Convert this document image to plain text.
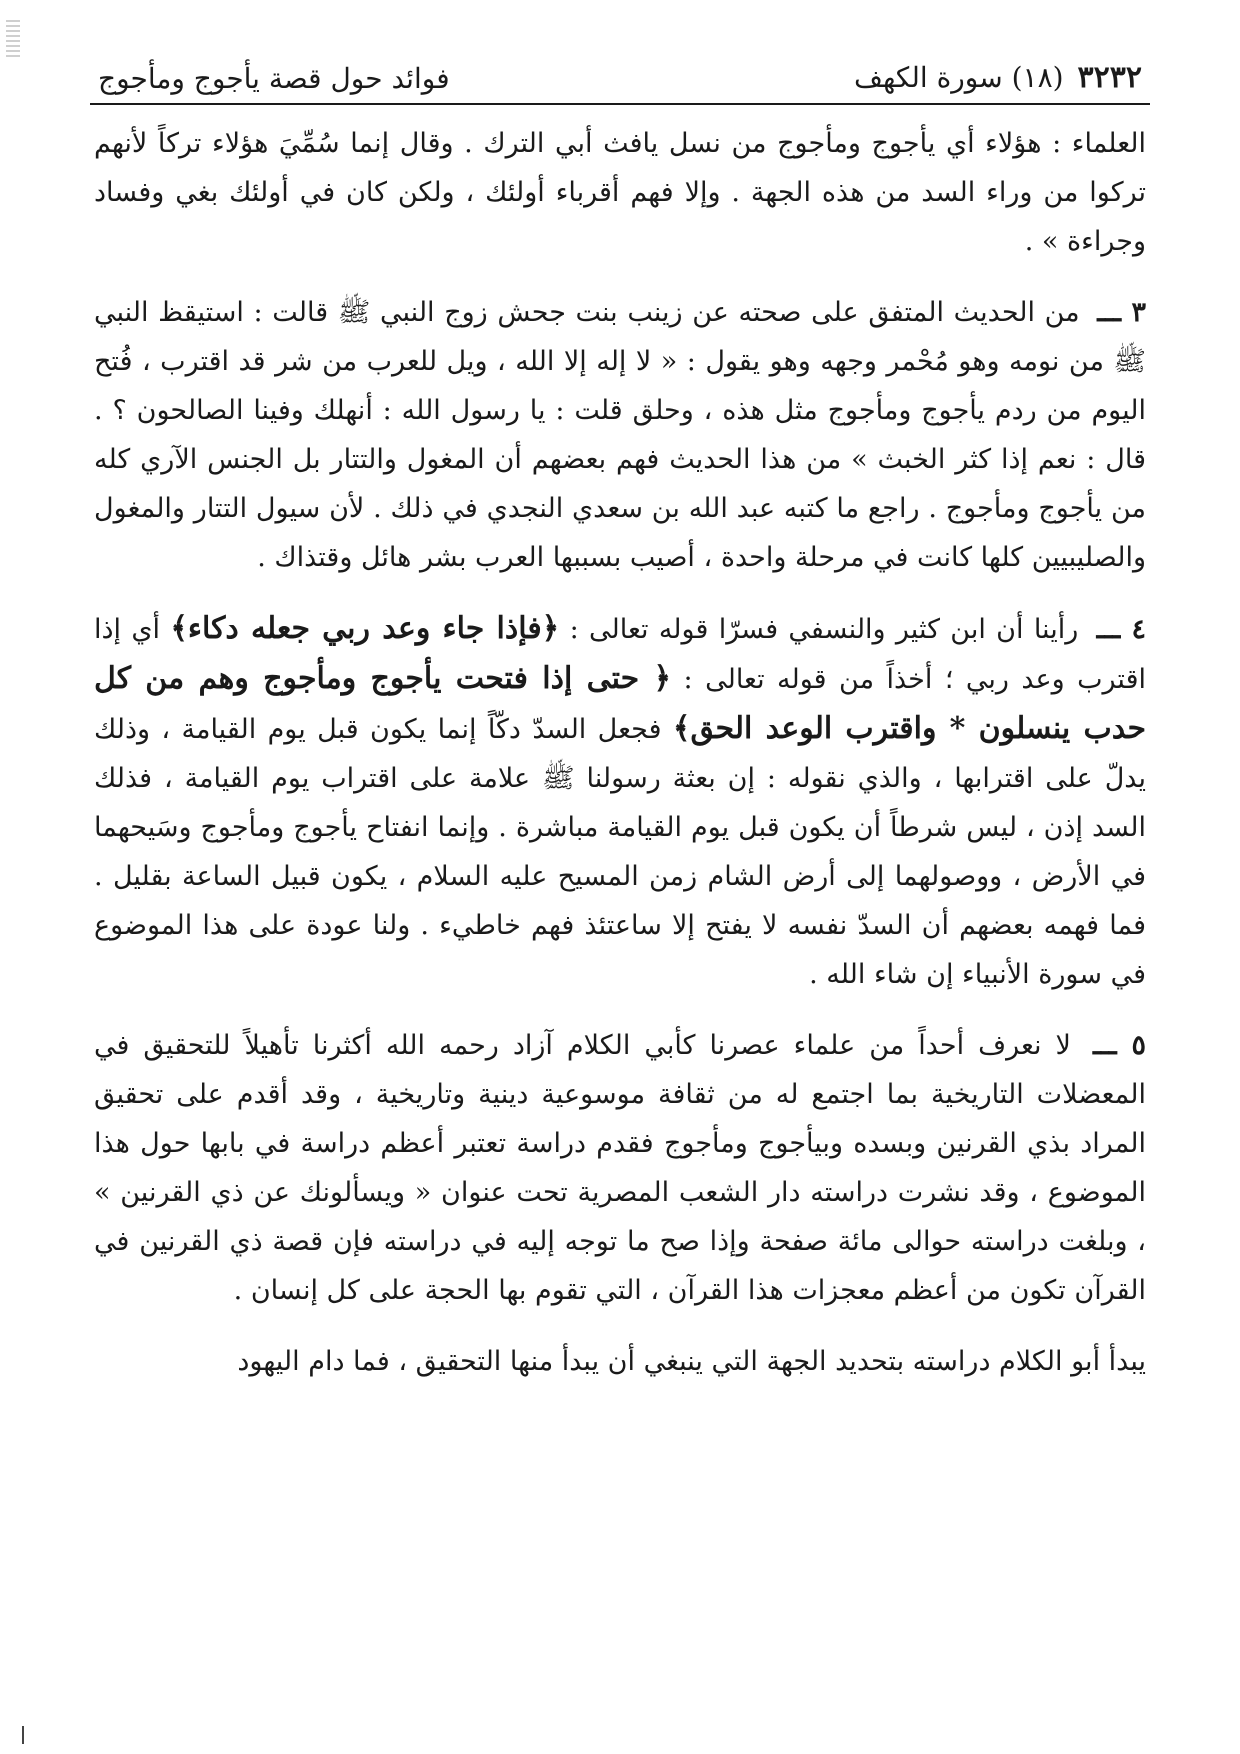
٣٢٣٢
(١٨) سورة الكهف
فوائد حول قصة يأجوج ومأجوج

العلماء : هؤلاء أي يأجوج ومأجوج من نسل يافث أبي الترك . وقال إنما سُمِّيَ هؤلاء تركاً لأنهم تركوا من وراء السد من هذه الجهة . وإلا فهم أقرباء أولئك ، ولكن كان في أولئك بغي وفساد وجراءة » .

٣ ـــ من الحديث المتفق على صحته عن زينب بنت جحش زوج النبي ﷺ قالت : استيقظ النبي ﷺ من نومه وهو مُحْمر وجهه وهو يقول : « لا إله إلا الله ، ويل للعرب من شر قد اقترب ، فُتح اليوم من ردم يأجوج ومأجوج مثل هذه ، وحلق قلت : يا رسول الله : أنهلك وفينا الصالحون ؟ . قال : نعم إذا كثر الخبث » من هذا الحديث فهم بعضهم أن المغول والتتار بل الجنس الآري كله من يأجوج ومأجوج . راجع ما كتبه عبد الله بن سعدي النجدي في ذلك . لأن سيول التتار والمغول والصليبيين كلها كانت في مرحلة واحدة ، أصيب بسببها العرب بشر هائل وقتذاك .

٤ ـــ رأينا أن ابن كثير والنسفي فسرّا قوله تعالى : ﴿فإذا جاء وعد ربي جعله دكاء﴾ أي إذا اقترب وعد ربي ؛ أخذاً من قوله تعالى : ﴿ حتى إذا فتحت يأجوج ومأجوج وهم من كل حدب ينسلون * واقترب الوعد الحق﴾ فجعل السدّ دكّاً إنما يكون قبل يوم القيامة ، وذلك يدلّ على اقترابها ، والذي نقوله : إن بعثة رسولنا ﷺ علامة على اقتراب يوم القيامة ، فذلك السد إذن ، ليس شرطاً أن يكون قبل يوم القيامة مباشرة . وإنما انفتاح يأجوج ومأجوج وسَيحهما في الأرض ، ووصولهما إلى أرض الشام زمن المسيح عليه السلام ، يكون قبيل الساعة بقليل . فما فهمه بعضهم أن السدّ نفسه لا يفتح إلا ساعتئذ فهم خاطيء . ولنا عودة على هذا الموضوع في سورة الأنبياء إن شاء الله .

٥ ـــ لا نعرف أحداً من علماء عصرنا كأبي الكلام آزاد رحمه الله أكثرنا تأهيلاً للتحقيق في المعضلات التاريخية بما اجتمع له من ثقافة موسوعية دينية وتاريخية ، وقد أقدم على تحقيق المراد بذي القرنين وبسده وبيأجوج ومأجوج فقدم دراسة تعتبر أعظم دراسة في بابها حول هذا الموضوع ، وقد نشرت دراسته دار الشعب المصرية تحت عنوان « ويسألونك عن ذي القرنين » ، وبلغت دراسته حوالى مائة صفحة وإذا صح ما توجه إليه في دراسته فإن قصة ذي القرنين في القرآن تكون من أعظم معجزات هذا القرآن ، التي تقوم بها الحجة على كل إنسان .

يبدأ أبو الكلام دراسته بتحديد الجهة التي ينبغي أن يبدأ منها التحقيق ، فما دام اليهود
